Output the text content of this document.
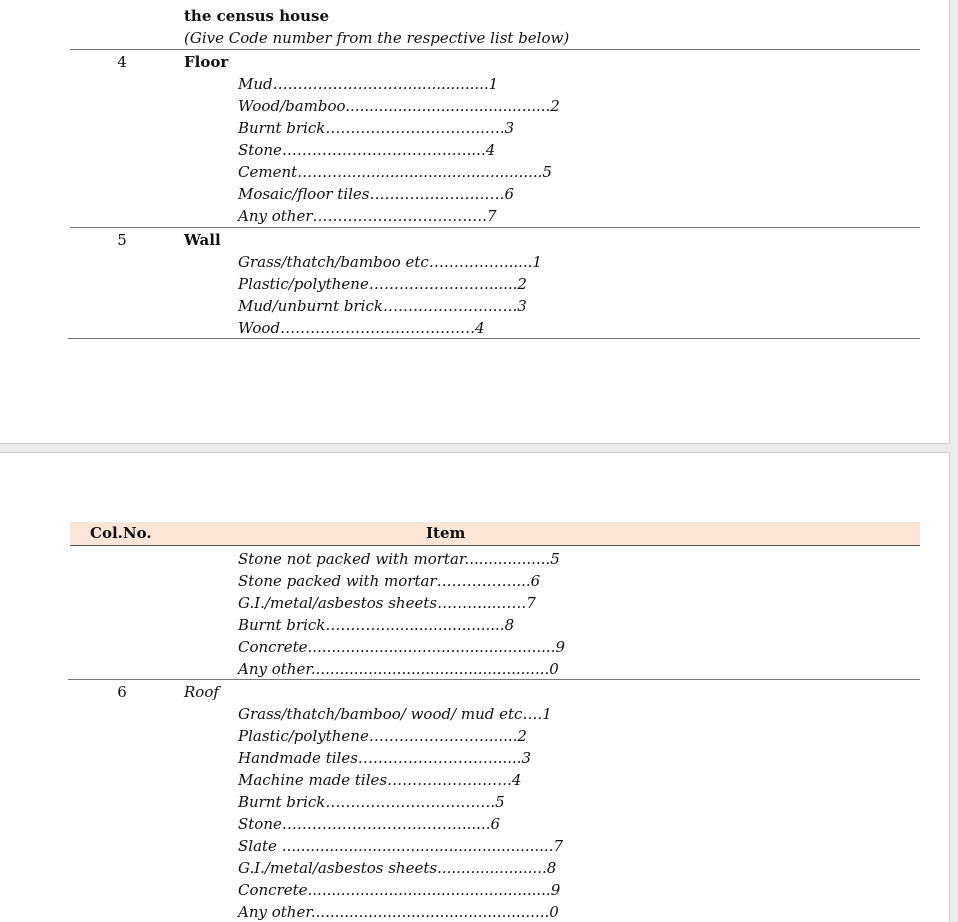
the census house
(Give Code number from the respective list below)
4	Floor
Mud……………………….................1
Wood/bamboo...........................................2
Burnt brick…………………………..….3
Stone…………………………….…....4
Cement………..........................................5
Mosaic/floor tiles………………………6
Any other……………………….…….7
5	Wall
Grass/thatch/bamboo etc……………......1
Plastic/polythene……………………......2
Mud/unburnt brick…………………..….3
Wood…………………………………4
Col.No.	Item
Stone not packed with mortar..................5
Stone packed with mortar……………....6
G.I./metal/asbestos sheets………...……7
Burnt brick………….........................8
Concrete....................................................9
Any other..................................................0
6	Roof
Grass/thatch/bamboo/ wood/ mud etc….1
Plastic/polythene……………………......2
Handmade tiles………………………......3
Machine made tiles…………………….4
Burnt brick…………………………….5
Stone………………………………......6
Slate .........................................................7
G.I./metal/asbestos sheets.......................8
Concrete...................................................9
Any other..................................................0
